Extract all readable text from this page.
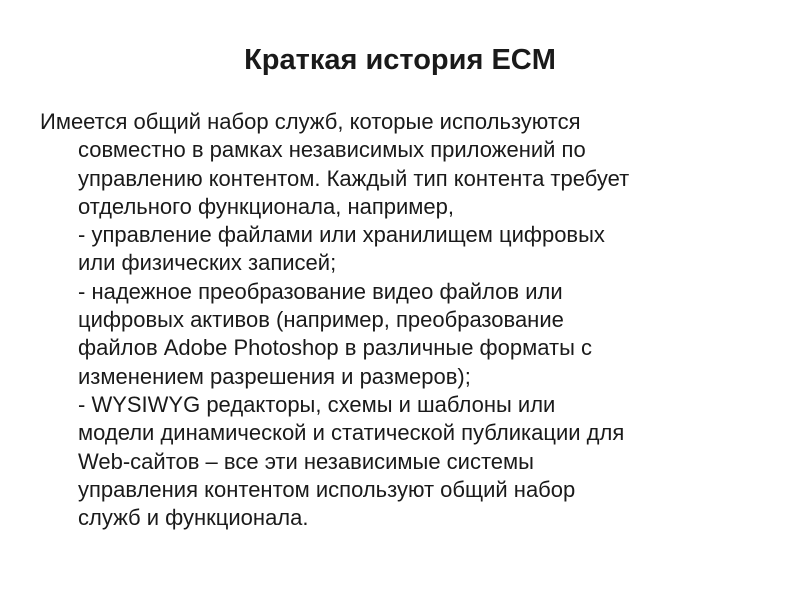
Краткая история ECM
Имеется общий набор служб, которые используются
совместно в рамках независимых приложений по
управлению контентом. Каждый тип контента требует
отдельного функционала, например,
- управление файлами или хранилищем цифровых
или физических записей;
- надежное преобразование видео файлов или
цифровых активов (например, преобразование
файлов Adobe Photoshop в различные форматы с
изменением разрешения и размеров);
- WYSIWYG редакторы, схемы и шаблоны или
модели динамической и статической публикации для
Web-сайтов – все эти независимые системы
управления контентом используют общий набор
служб и функционала.
